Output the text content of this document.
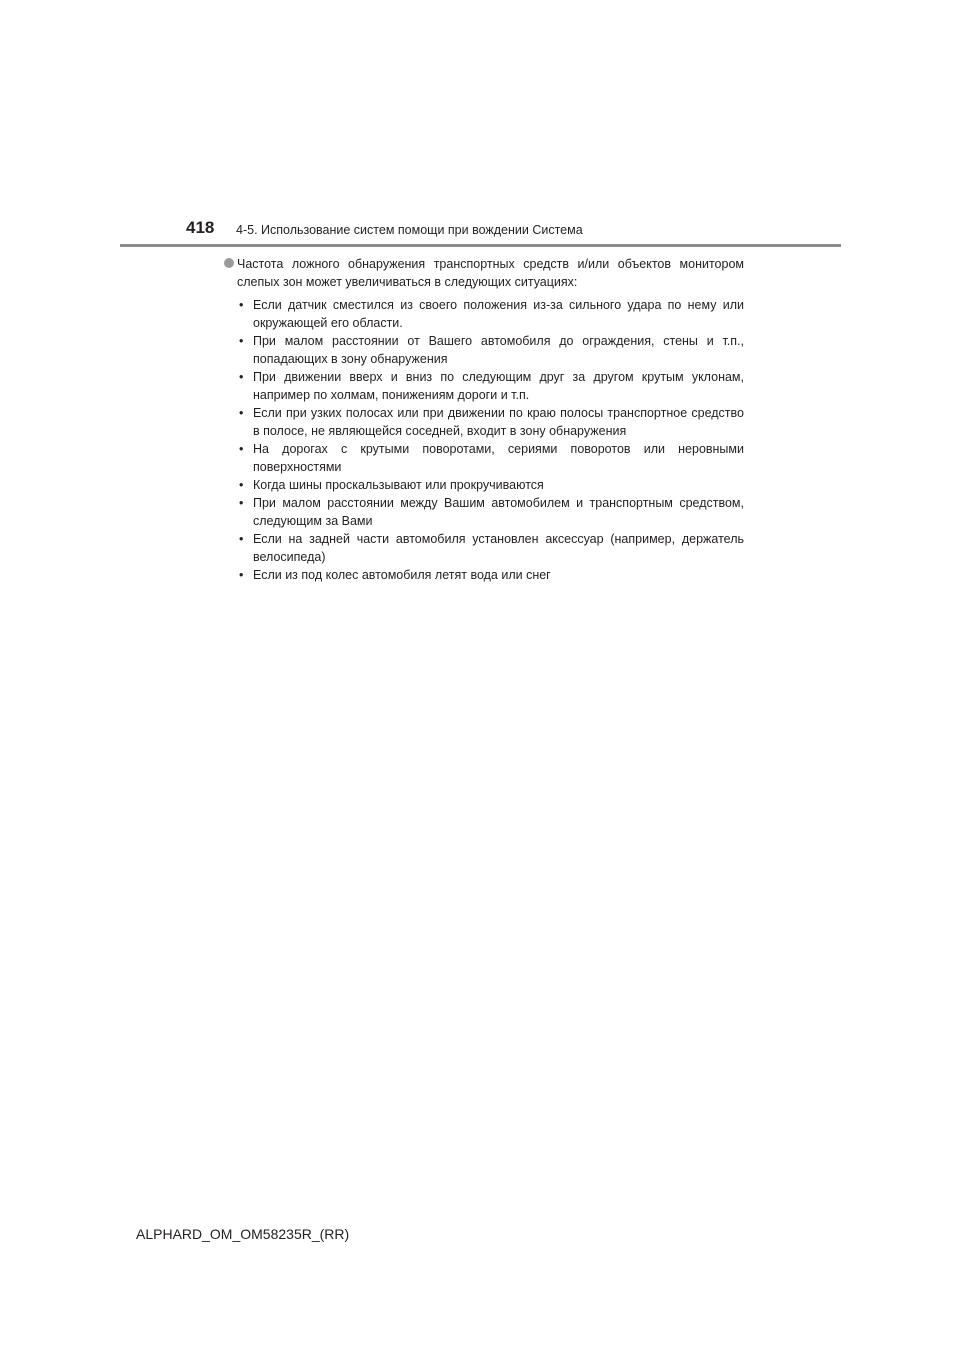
418 4-5. Использование систем помощи при вождении Система

Частота ложного обнаружения транспортных средств и/или объектов монитором слепых зон может увеличиваться в следующих ситуациях:

• Если датчик сместился из своего положения из-за сильного удара по нему или окружающей его области.
• При малом расстоянии от Вашего автомобиля до ограждения, стены и т.п., попадающих в зону обнаружения
• При движении вверх и вниз по следующим друг за другом крутым уклонам, например по холмам, понижениям дороги и т.п.
• Если при узких полосах или при движении по краю полосы транспортное средство в полосе, не являющейся соседней, входит в зону обнаружения
• На дорогах с крутыми поворотами, сериями поворотов или неровными поверхностями
• Когда шины проскальзывают или прокручиваются
• При малом расстоянии между Вашим автомобилем и транспортным средством, следующим за Вами
• Если на задней части автомобиля установлен аксессуар (например, держатель велосипеда)
• Если из под колес автомобиля летят вода или снег
ALPHARD_OM_OM58235R_(RR)
